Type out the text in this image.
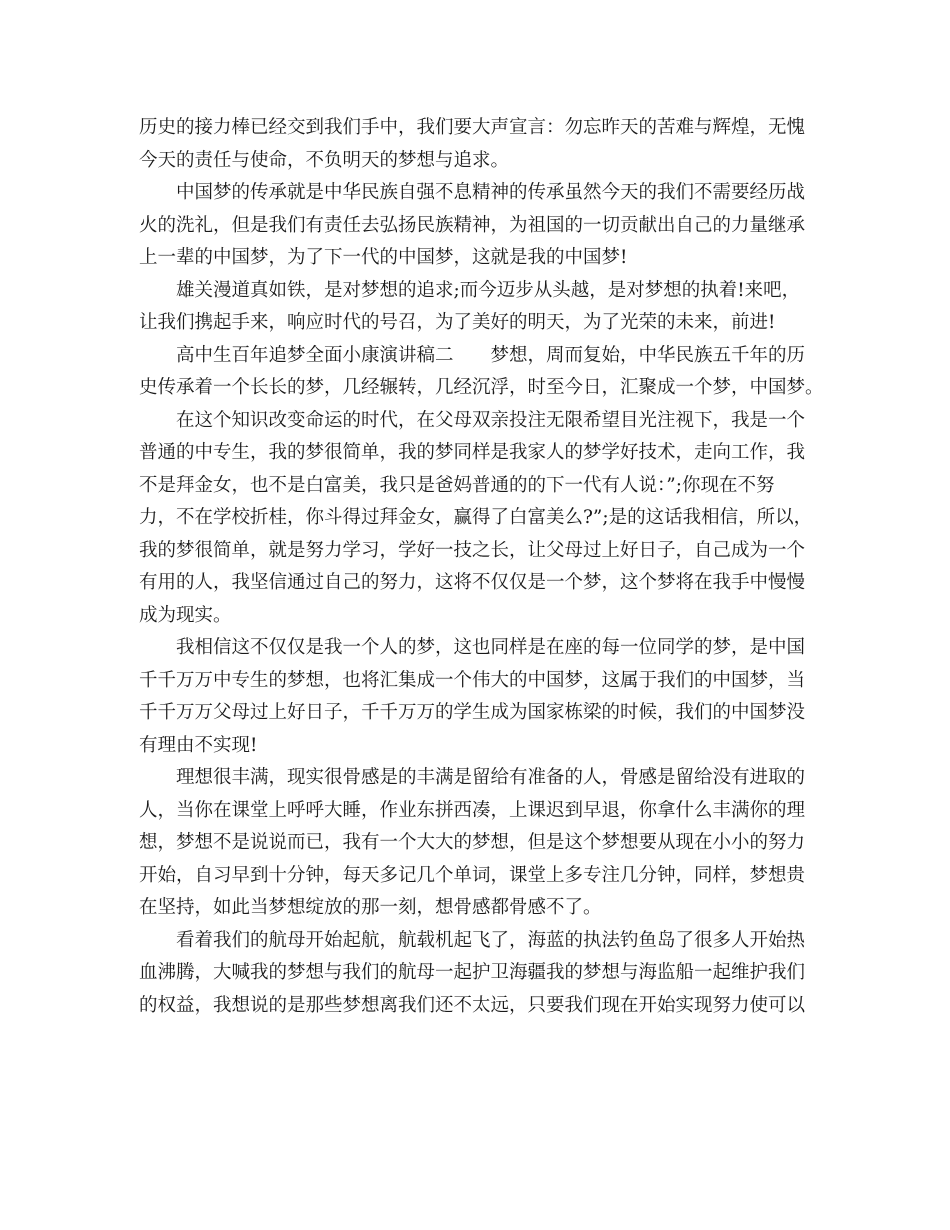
历史的接力棒已经交到我们手中，我们要大声宣言：勿忘昨天的苦难与辉煌，无愧
今天的责任与使命，不负明天的梦想与追求。
中国梦的传承就是中华民族自强不息精神的传承虽然今天的我们不需要经历战
火的洗礼，但是我们有责任去弘扬民族精神，为祖国的一切贡献出自己的力量继承
上一辈的中国梦，为了下一代的中国梦，这就是我的中国梦!
雄关漫道真如铁，是对梦想的追求;而今迈步从头越，是对梦想的执着!来吧，
让我们携起手来，响应时代的号召，为了美好的明天，为了光荣的未来，前进!
高中生百年追梦全面小康演讲稿二　　梦想，周而复始，中华民族五千年的历
史传承着一个长长的梦，几经辗转，几经沉浮，时至今日，汇聚成一个梦，中国梦。
在这个知识改变命运的时代，在父母双亲投注无限希望目光注视下，我是一个
普通的中专生，我的梦很简单，我的梦同样是我家人的梦学好技术，走向工作，我
不是拜金女，也不是白富美，我只是爸妈普通的的下一代有人说：”;你现在不努
力，不在学校折桂，你斗得过拜金女，赢得了白富美么?”;是的这话我相信，所以，
我的梦很简单，就是努力学习，学好一技之长，让父母过上好日子，自己成为一个
有用的人，我坚信通过自己的努力，这将不仅仅是一个梦，这个梦将在我手中慢慢
成为现实。
我相信这不仅仅是我一个人的梦，这也同样是在座的每一位同学的梦，是中国
千千万万中专生的梦想，也将汇集成一个伟大的中国梦，这属于我们的中国梦，当
千千万万父母过上好日子，千千万万的学生成为国家栋梁的时候，我们的中国梦没
有理由不实现!
理想很丰满，现实很骨感是的丰满是留给有准备的人，骨感是留给没有进取的
人，当你在课堂上呼呼大睡，作业东拼西凑，上课迟到早退，你拿什么丰满你的理
想，梦想不是说说而已，我有一个大大的梦想，但是这个梦想要从现在小小的努力
开始，自习早到十分钟，每天多记几个单词，课堂上多专注几分钟，同样，梦想贵
在坚持，如此当梦想绽放的那一刻，想骨感都骨感不了。
看着我们的航母开始起航，航载机起飞了，海蓝的执法钓鱼岛了很多人开始热
血沸腾，大喊我的梦想与我们的航母一起护卫海疆我的梦想与海监船一起维护我们
的权益，我想说的是那些梦想离我们还不太远，只要我们现在开始实现努力使可以
